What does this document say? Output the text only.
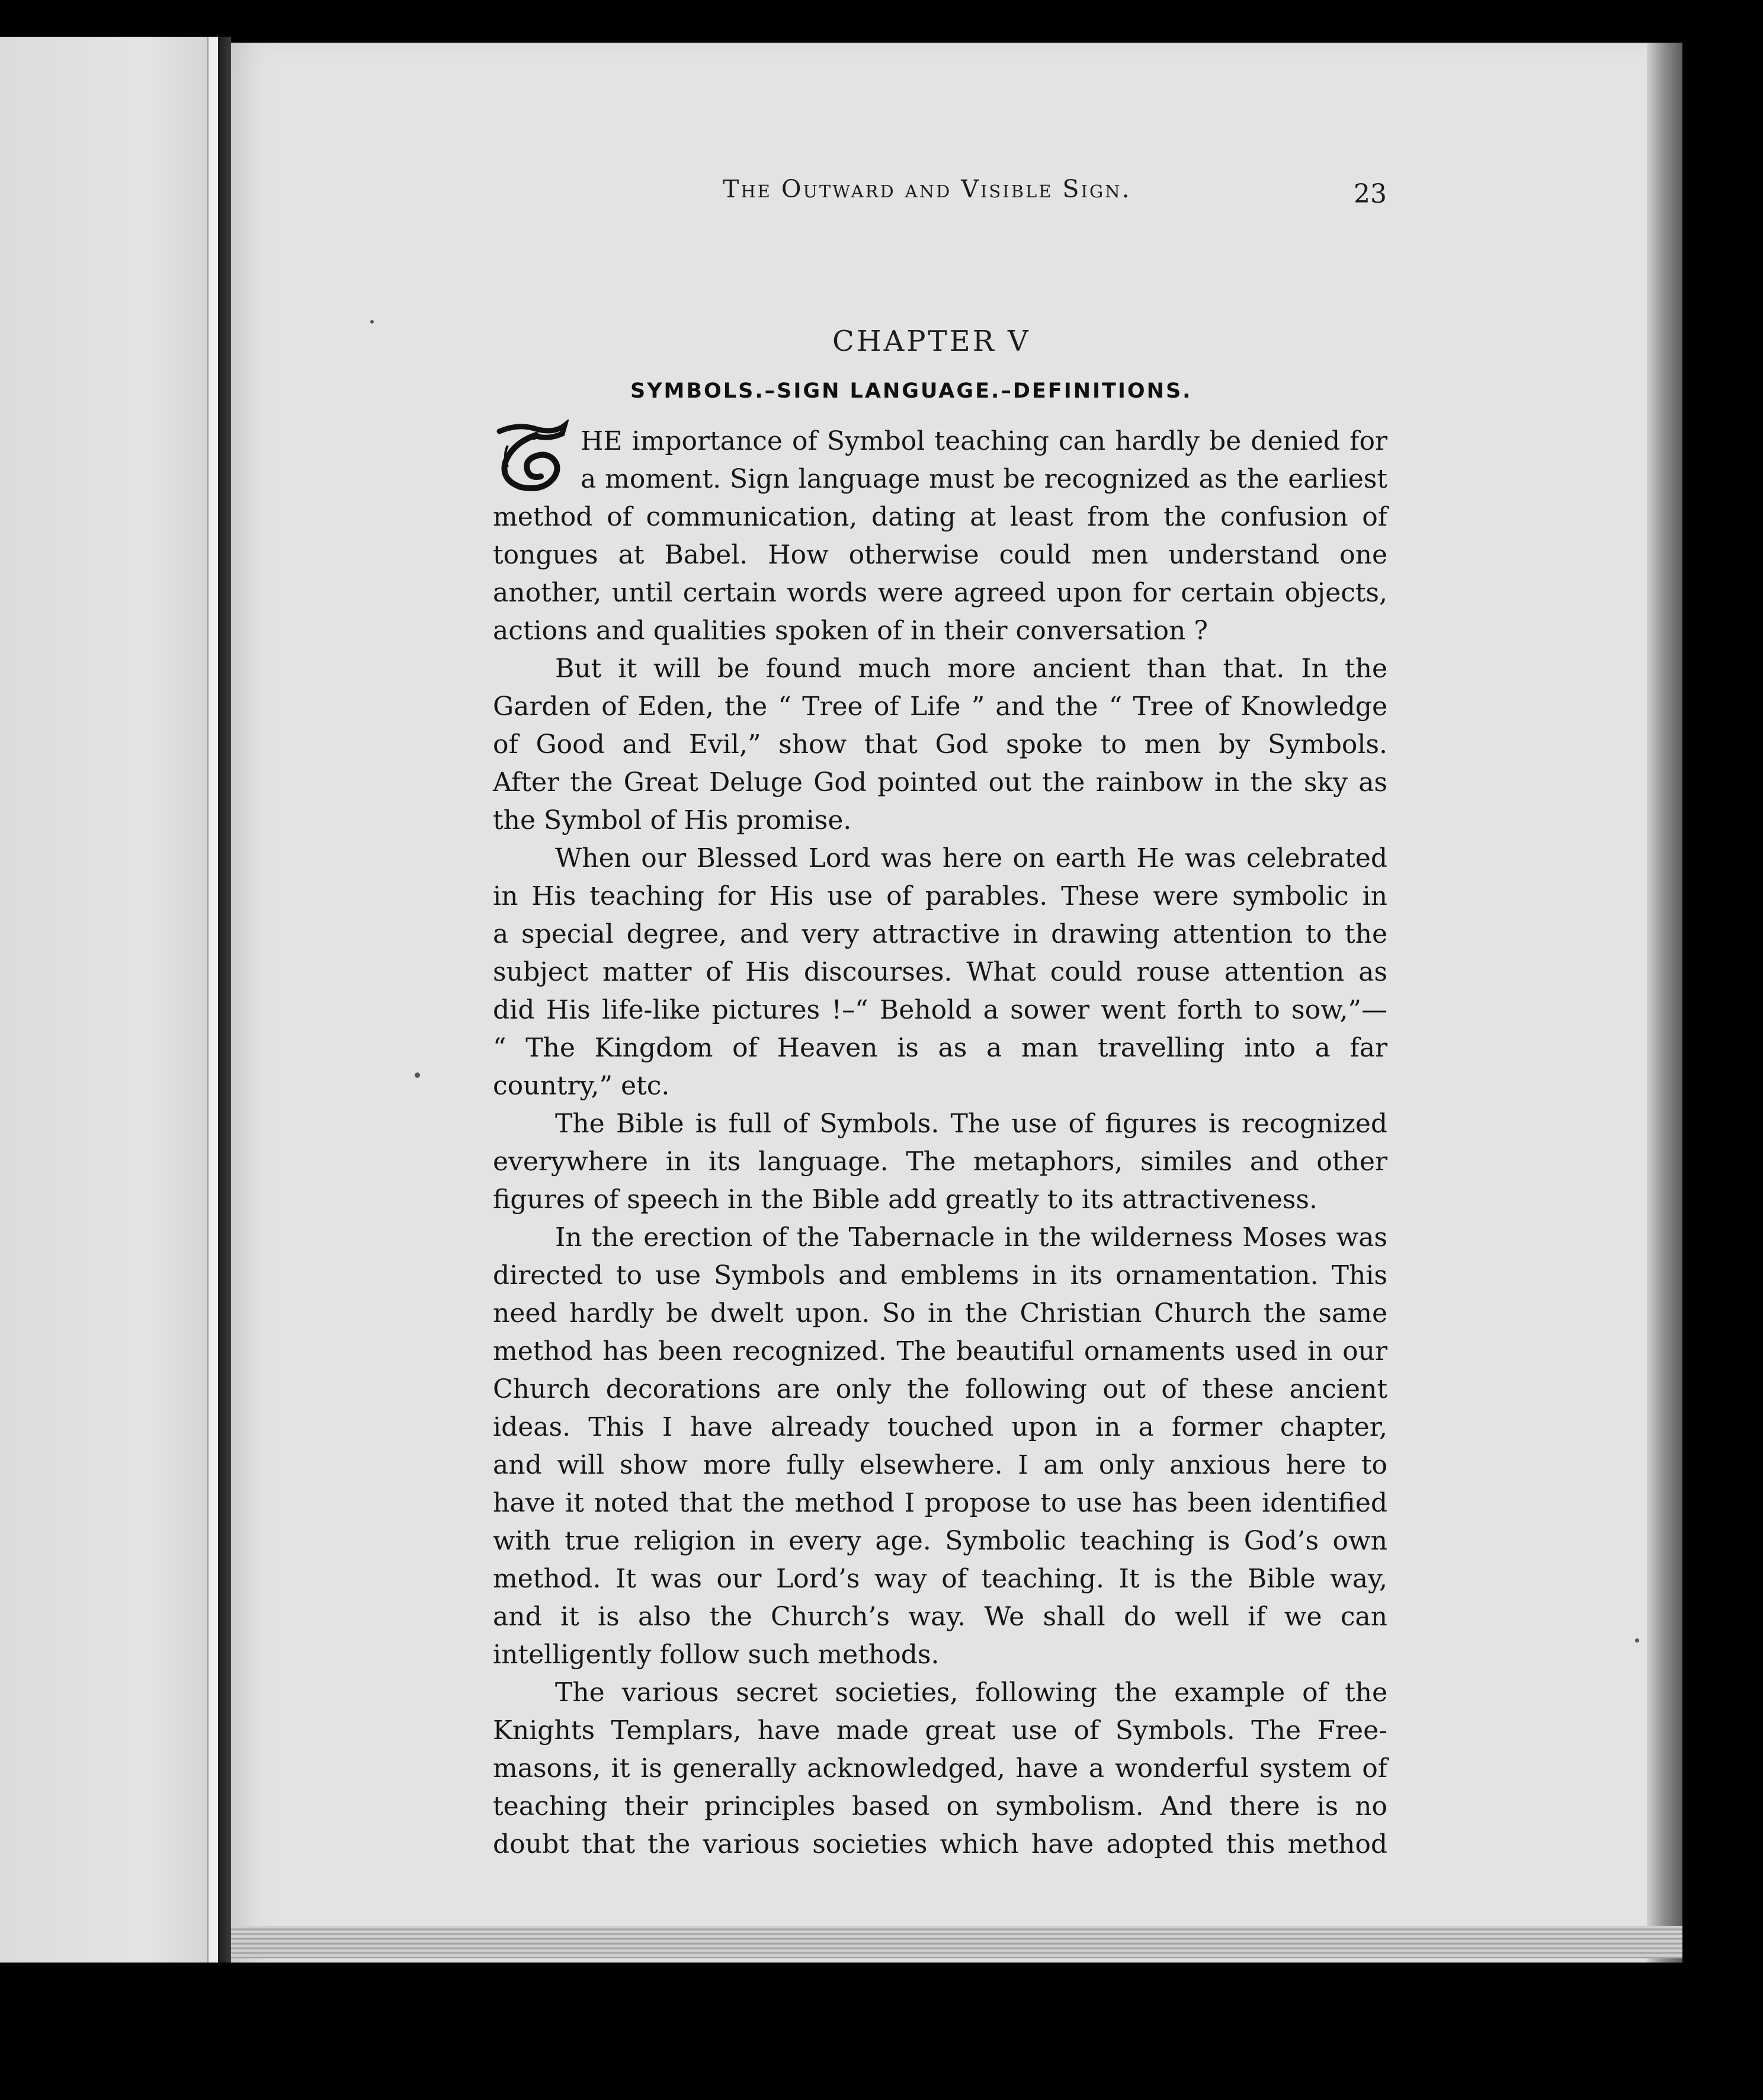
The Outward and Visible Sign.	23
CHAPTER V
SYMBOLS.–SIGN LANGUAGE.–DEFINITIONS.
T
HE importance of Symbol teaching can hardly be denied for
a moment. Sign language must be recognized as the earliest
method of communication, dating at least from the confusion of
tongues at Babel. How otherwise could men understand one
another, until certain words were agreed upon for certain objects,
actions and qualities spoken of in their conversation ?
But it will be found much more ancient than that. In the
Garden of Eden, the “ Tree of Life ” and the “ Tree of Knowledge
of Good and Evil,” show that God spoke to men by Symbols.
After the Great Deluge God pointed out the rainbow in the sky as
the Symbol of His promise.
When our Blessed Lord was here on earth He was celebrated
in His teaching for His use of parables. These were symbolic in
a special degree, and very attractive in drawing attention to the
subject matter of His discourses. What could rouse attention as
did His life-like pictures !–“ Behold a sower went forth to sow,”—
“ The Kingdom of Heaven is as a man travelling into a far
country,” etc.
The Bible is full of Symbols. The use of figures is recognized
everywhere in its language. The metaphors, similes and other
figures of speech in the Bible add greatly to its attractiveness.
In the erection of the Tabernacle in the wilderness Moses was
directed to use Symbols and emblems in its ornamentation. This
need hardly be dwelt upon. So in the Christian Church the same
method has been recognized. The beautiful ornaments used in our
Church decorations are only the following out of these ancient
ideas. This I have already touched upon in a former chapter,
and will show more fully elsewhere. I am only anxious here to
have it noted that the method I propose to use has been identified
with true religion in every age. Symbolic teaching is God’s own
method. It was our Lord’s way of teaching. It is the Bible way,
and it is also the Church’s way. We shall do well if we can
intelligently follow such methods.
The various secret societies, following the example of the
Knights Templars, have made great use of Symbols. The Free-
masons, it is generally acknowledged, have a wonderful system of
teaching their principles based on symbolism. And there is no
doubt that the various societies which have adopted this method
